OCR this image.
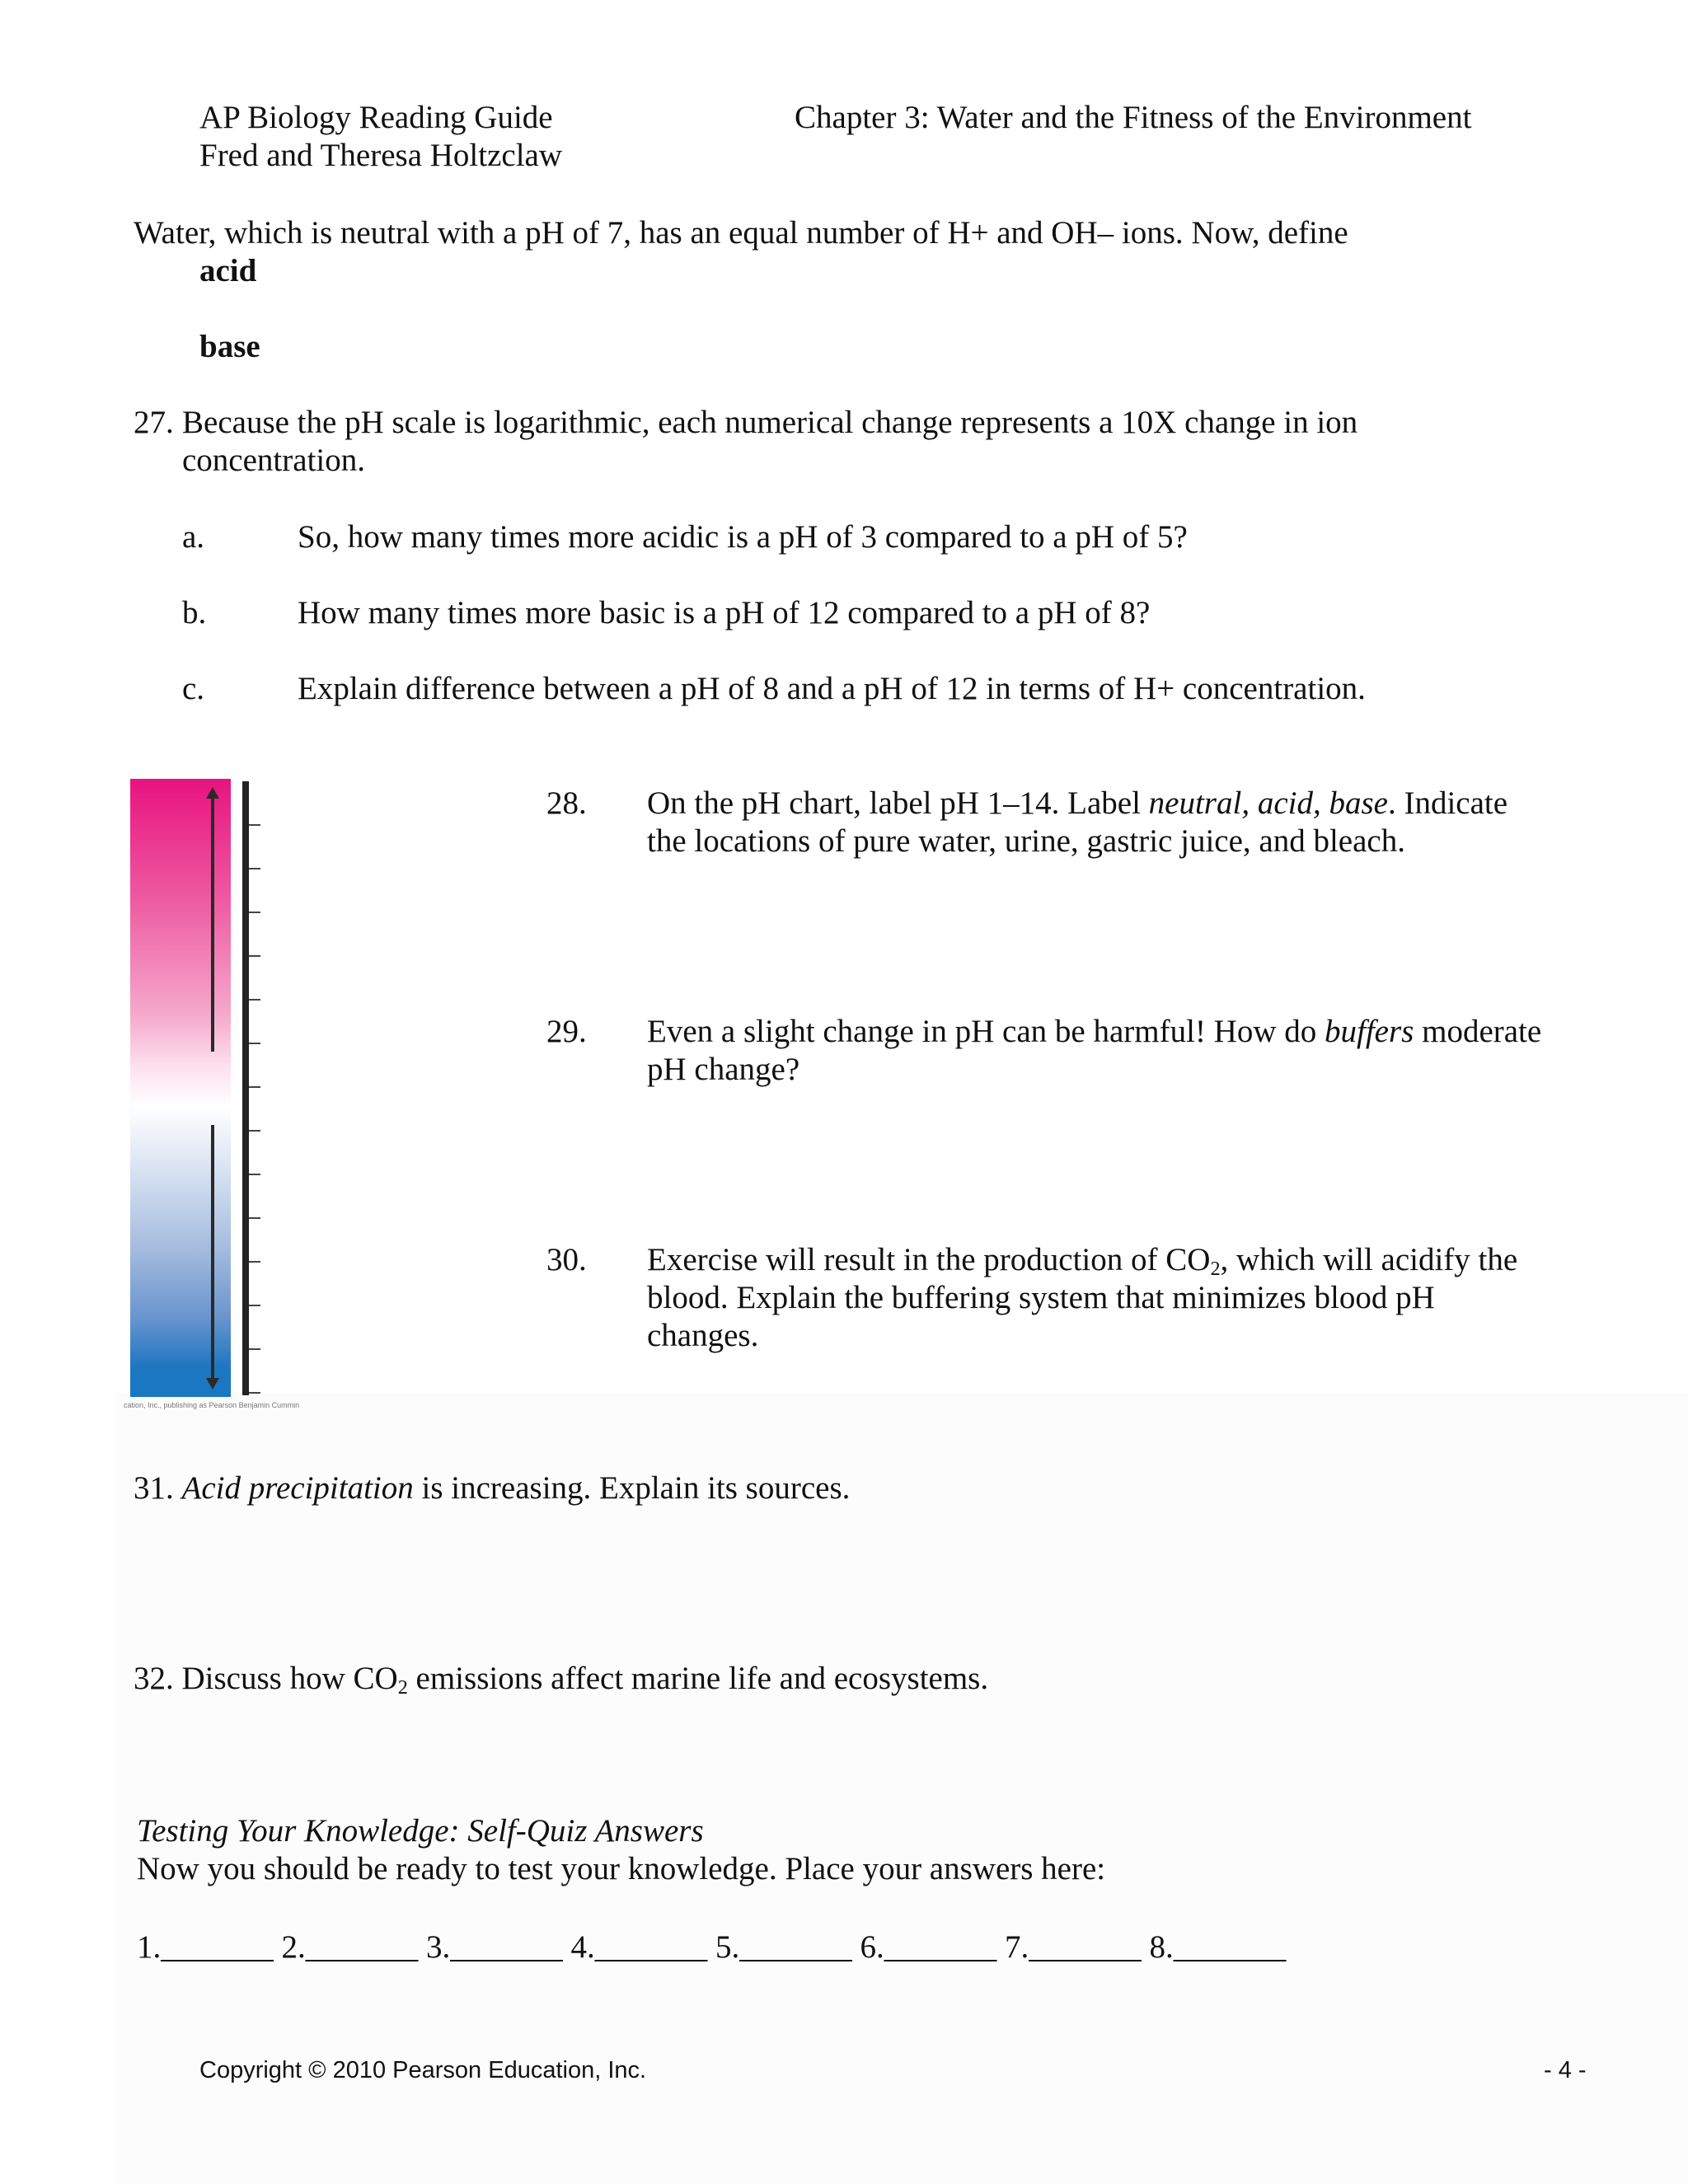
AP Biology Reading Guide
Fred and Theresa Holtzclaw
Chapter 3: Water and the Fitness of the Environment
Water, which is neutral with a pH of 7, has an equal number of H+ and OH– ions. Now, define
acid
base
27. Because the pH scale is logarithmic, each numerical change represents a 10X change in ion
concentration.
a.	So, how many times more acidic is a pH of 3 compared to a pH of 5?
b.	How many times more basic is a pH of 12 compared to a pH of 8?
c.	Explain difference between a pH of 8 and a pH of 12 in terms of H+ concentration.
cation, Inc., publishing as Pearson Benjamin Cummin
28. On the pH chart, label pH 1–14. Label neutral, acid, base. Indicate
the locations of pure water, urine, gastric juice, and bleach.
29. Even a slight change in pH can be harmful! How do buffers moderate
pH change?
30. Exercise will result in the production of $CO_2$, which will acidify the
blood. Explain the buffering system that minimizes blood pH
changes.
31. Acid precipitation is increasing. Explain its sources.
32. Discuss how $CO_2$ emissions affect marine life and ecosystems.
Testing Your Knowledge: Self-Quiz Answers
Now you should be ready to test your knowledge. Place your answers here:
1._______ 2._______ 3._______ 4._______ 5._______ 6._______ 7._______ 8._______
Copyright © 2010 Pearson Education, Inc.	- 4 -
